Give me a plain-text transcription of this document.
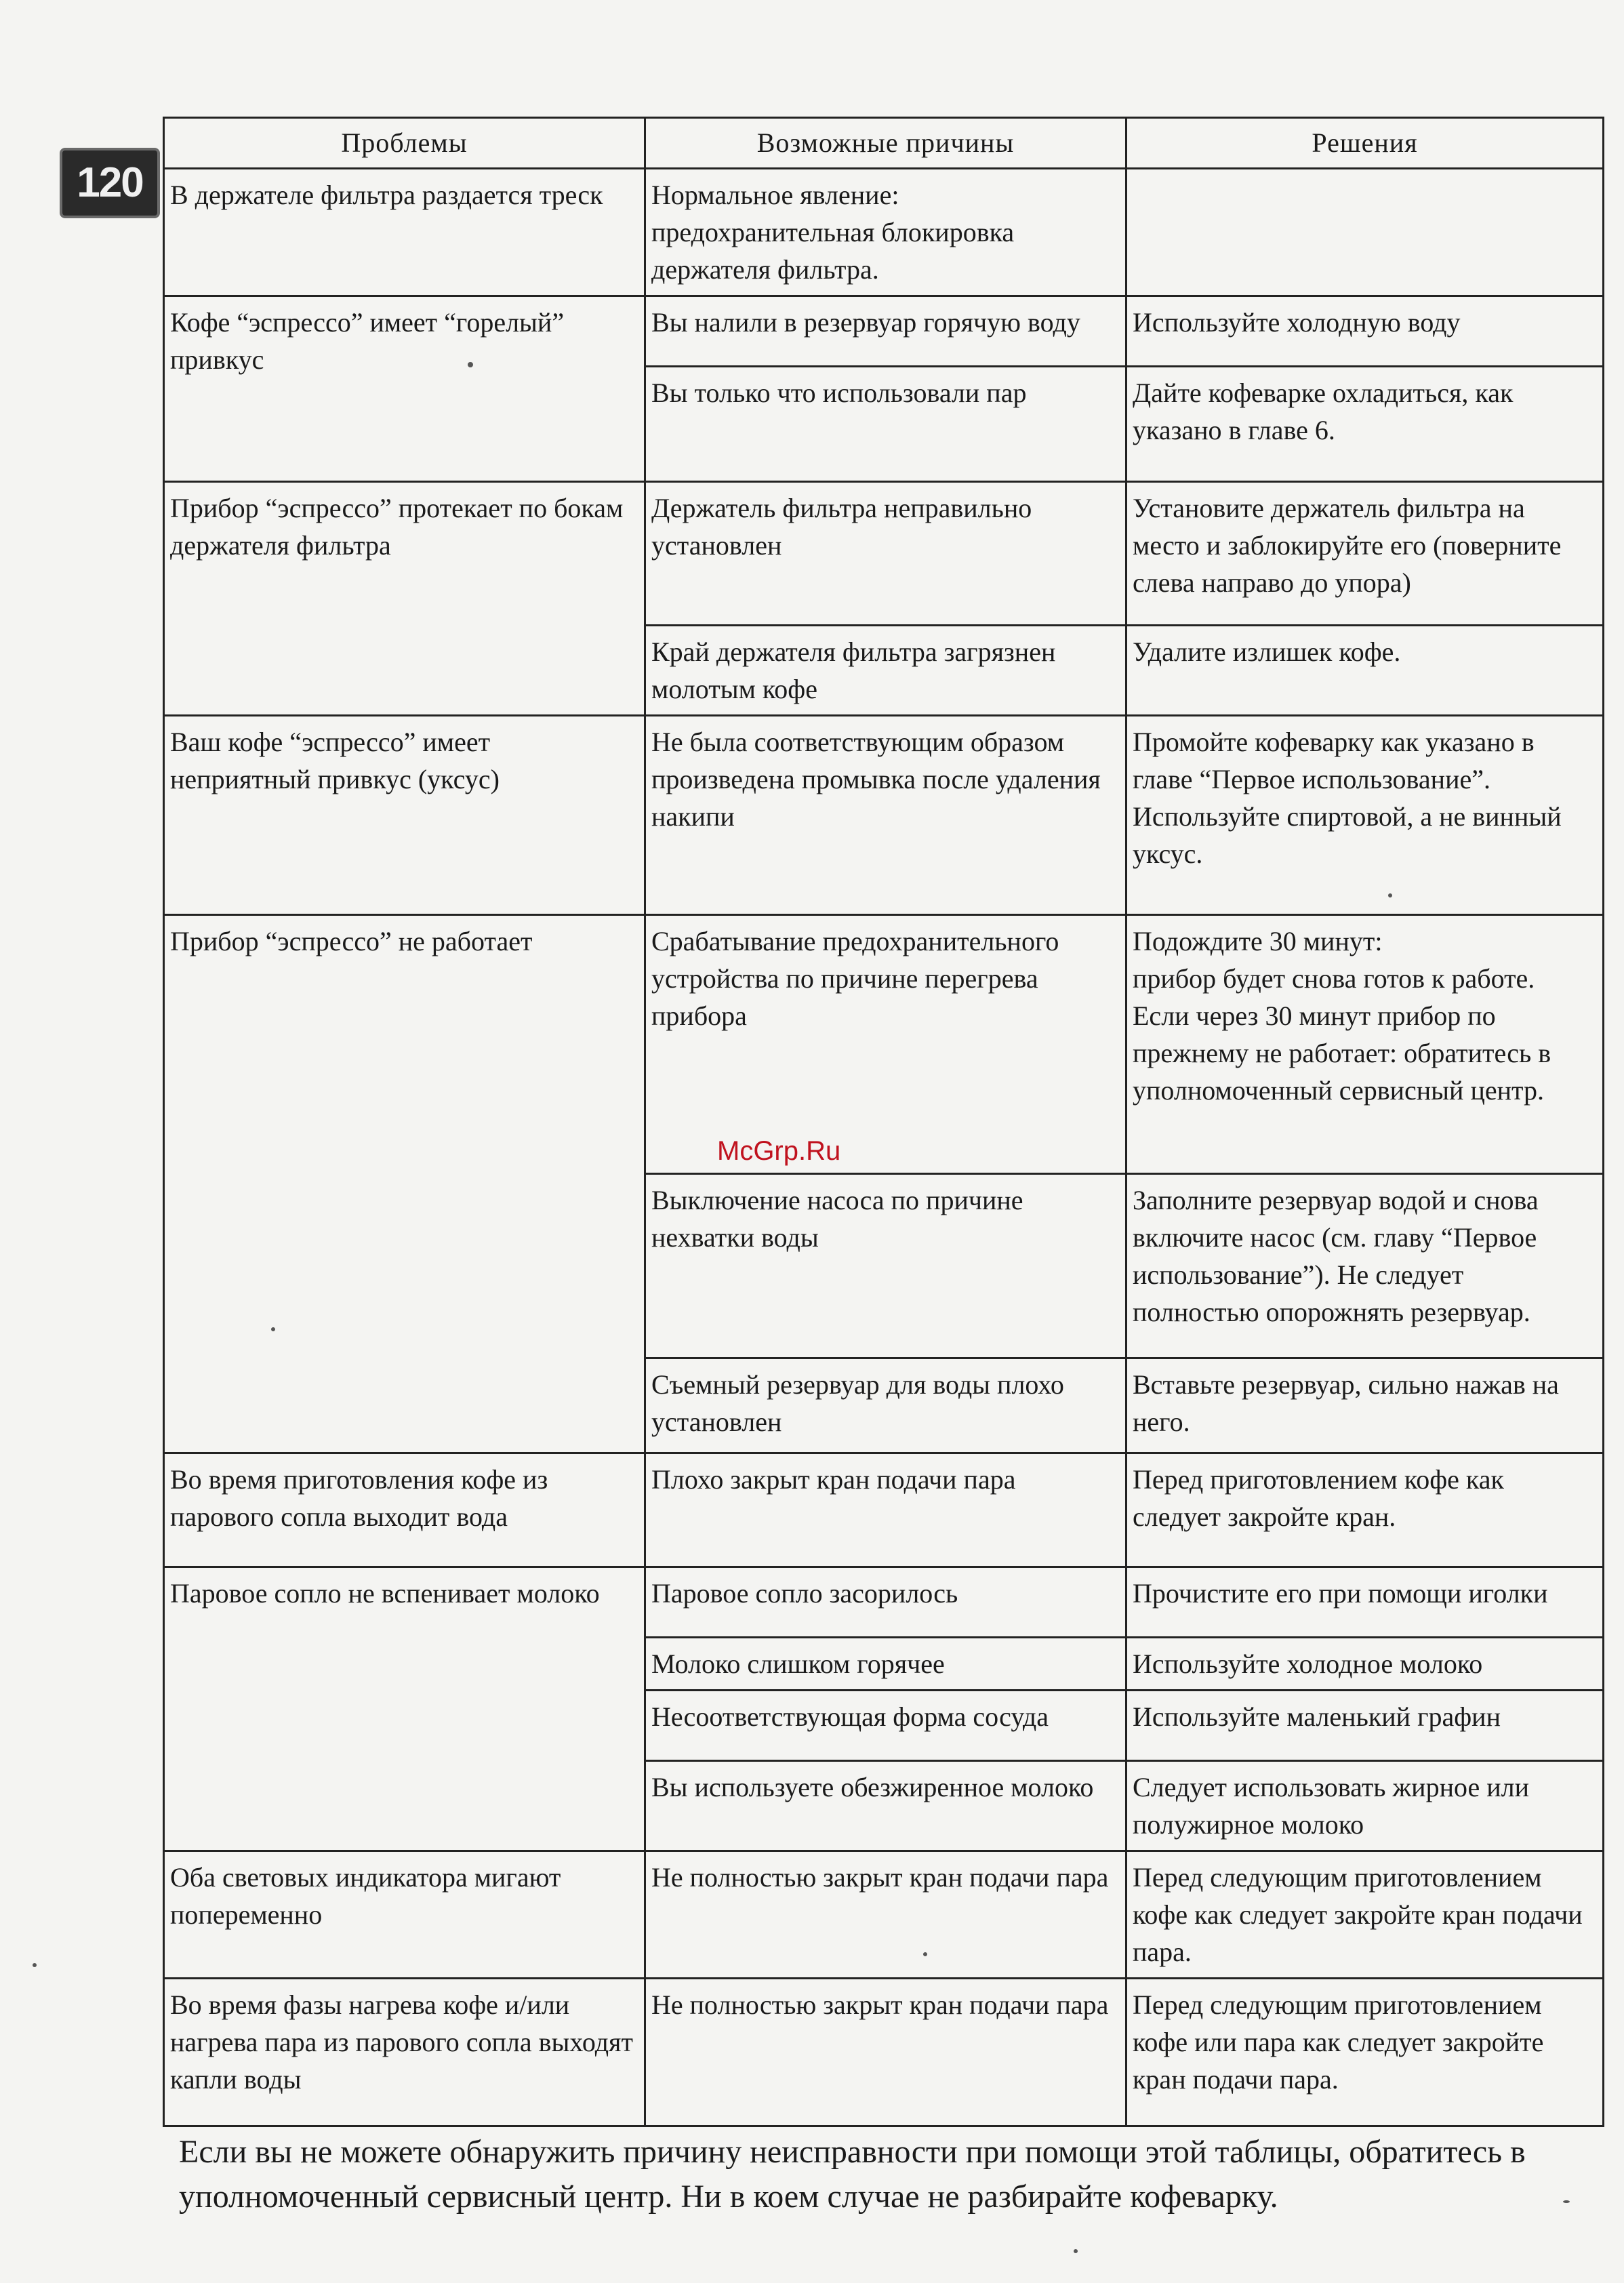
120
Проблемы	Возможные причины	Решения
В держателе фильтра раздается треск	Нормальное явление: предохранительная блокировка держателя фильтра.	
Кофе “эспрессо” имеет “горелый” привкус	Вы налили в резервуар горячую воду	Используйте холодную воду
	Вы только что использовали пар	Дайте кофеварке охладиться, как указано в главе 6.
Прибор “эспрессо” протекает по бокам держателя фильтра	Держатель фильтра неправильно установлен	Установите держатель фильтра на место и заблокируйте его (поверните слева направо до упора)
	Край держателя фильтра загрязнен молотым кофе	Удалите излишек кофе.
Ваш кофе “эспрессо” имеет неприятный привкус (уксус)	Не была соответствующим образом произведена промывка после удаления накипи	Промойте кофеварку как указано в главе “Первое использование”. Используйте спиртовой, а не винный уксус.
Прибор “эспрессо” не работает	Срабатывание предохранительного устройства по причине перегрева прибора	Подождите 30 минут:
прибор будет снова готов к работе.
Если через 30 минут прибор по прежнему не работает: обратитесь в уполномоченный сервисный центр.
	Выключение насоса по причине нехватки воды	Заполните резервуар водой и снова включите насос (см. главу “Первое использование”). Не следует полностью опорожнять резервуар.
	Съемный резервуар для воды плохо установлен	Вставьте резервуар, сильно нажав на него.
Во время приготовления кофе из парового сопла выходит вода	Плохо закрыт кран подачи пара	Перед приготовлением кофе как следует закройте кран.
Паровое сопло не вспенивает молоко	Паровое сопло засорилось	Прочистите его при помощи иголки
	Молоко слишком горячее	Используйте холодное молоко
	Несоответствующая форма сосуда	Используйте маленький графин
	Вы используете обезжиренное молоко	Следует использовать жирное или полужирное молоко
Оба световых индикатора мигают попеременно	Не полностью закрыт кран подачи пара	Перед следующим приготовлением кофе как следует закройте кран подачи пара.
Во время фазы нагрева кофе и/или нагрева пара из парового сопла выходят капли воды	Не полностью закрыт кран подачи пара	Перед следующим приготовлением кофе или пара как следует закройте кран подачи пара.
McGrp.Ru

Если вы не можете обнаружить причину неисправности при помощи этой таблицы, обратитесь в уполномоченный сервисный центр. Ни в коем случае не разбирайте кофеварку.
